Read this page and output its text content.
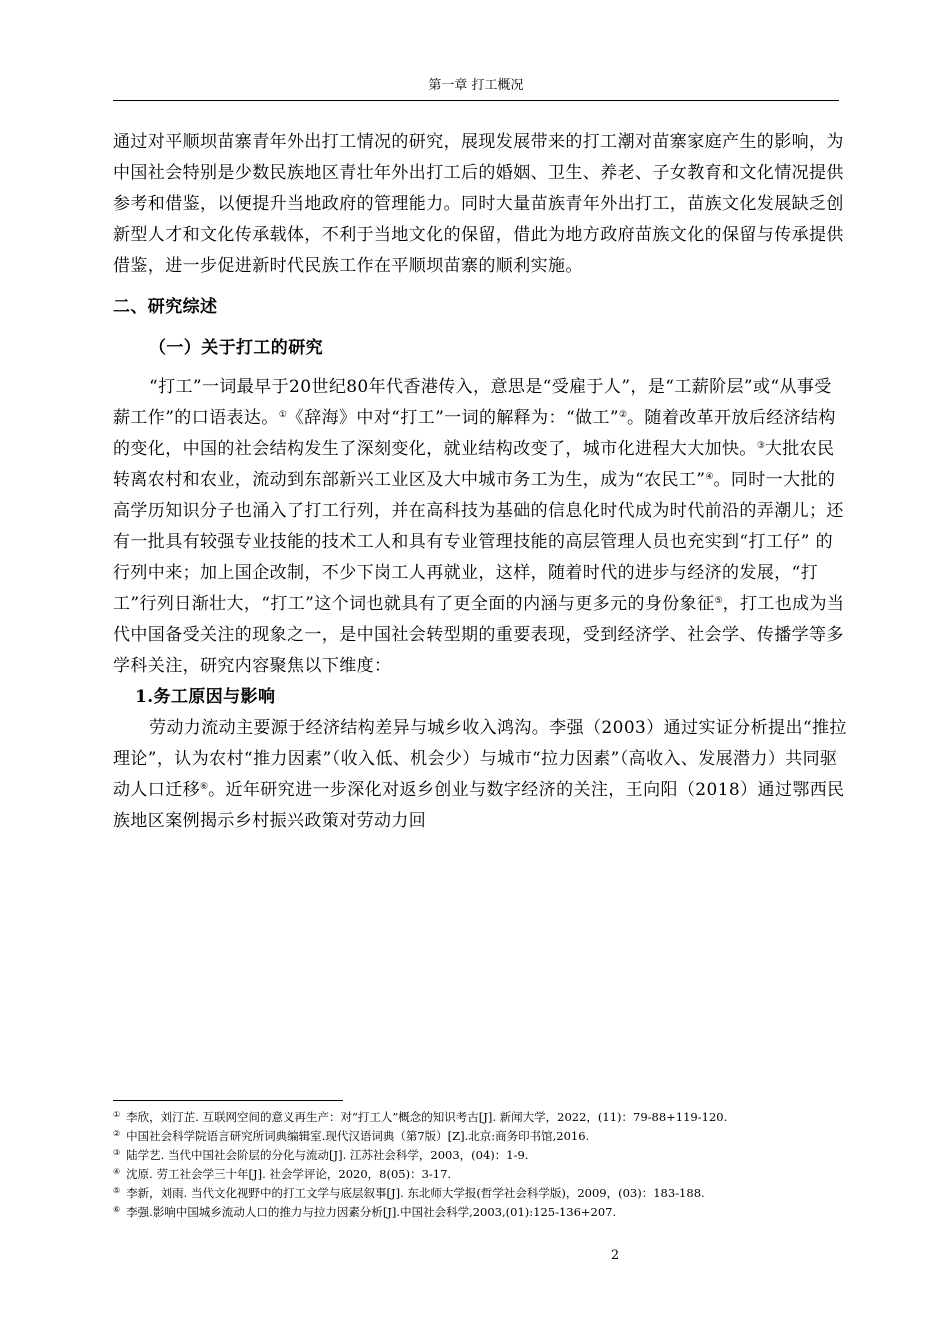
第一章 打工概况

通过对平顺坝苗寨青年外出打工情况的研究，展现发展带来的打工潮对苗寨家庭产生的影响，为中国社会特别是少数民族地区青壮年外出打工后的婚姻、卫生、养老、子女教育和文化情况提供参考和借鉴，以便提升当地政府的管理能力。同时大量苗族青年外出打工，苗族文化发展缺乏创新型人才和文化传承载体，不利于当地文化的保留，借此为地方政府苗族文化的保留与传承提供借鉴，进一步促进新时代民族工作在平顺坝苗寨的顺利实施。

二、研究综述

（一）关于打工的研究

“打工”一词最早于20世纪80年代香港传入，意思是“受雇于人”，是“工薪阶层”或“从事受薪工作”的口语表达。①《辞海》中对“打工”一词的解释为：“做工”②。随着改革开放后经济结构的变化，中国的社会结构发生了深刻变化，就业结构改变了，城市化进程大大加快。③大批农民转离农村和农业，流动到东部新兴工业区及大中城市务工为生，成为“农民工”④。同时一大批的高学历知识分子也涌入了打工行列，并在高科技为基础的信息化时代成为时代前沿的弄潮儿；还有一批具有较强专业技能的技术工人和具有专业管理技能的高层管理人员也充实到“打工仔” 的行列中来；加上国企改制，不少下岗工人再就业，这样，随着时代的进步与经济的发展，“打工”行列日渐壮大，“打工”这个词也就具有了更全面的内涵与更多元的身份象征⑤，打工也成为当代中国备受关注的现象之一，是中国社会转型期的重要表现，受到经济学、社会学、传播学等多学科关注，研究内容聚焦以下维度：

1.务工原因与影响

劳动力流动主要源于经济结构差异与城乡收入鸿沟。李强（2003）通过实证分析提出“推拉理论”，认为农村“推力因素”（收入低、机会少）与城市“拉力因素”（高收入、发展潜力）共同驱动人口迁移⑥。近年研究进一步深化对返乡创业与数字经济的关注，王向阳（2018）通过鄂西民族地区案例揭示乡村振兴政策对劳动力回

① 李欣，刘汀芷. 互联网空间的意义再生产：对“打工人”概念的知识考古[J]. 新闻大学，2022，(11)：79-88+119-120.

② 中国社会科学院语言研究所词典编辑室.现代汉语词典（第7版）[Z].北京:商务印书馆,2016.

③ 陆学艺. 当代中国社会阶层的分化与流动[J]. 江苏社会科学，2003，(04)：1-9.

④ 沈原. 劳工社会学三十年[J]. 社会学评论，2020，8(05)：3-17.

⑤ 李新，刘雨. 当代文化视野中的打工文学与底层叙事[J]. 东北师大学报(哲学社会科学版)，2009，(03)：183-188.

⑥ 李强.影响中国城乡流动人口的推力与拉力因素分析[J].中国社会科学,2003,(01):125-136+207.

2
